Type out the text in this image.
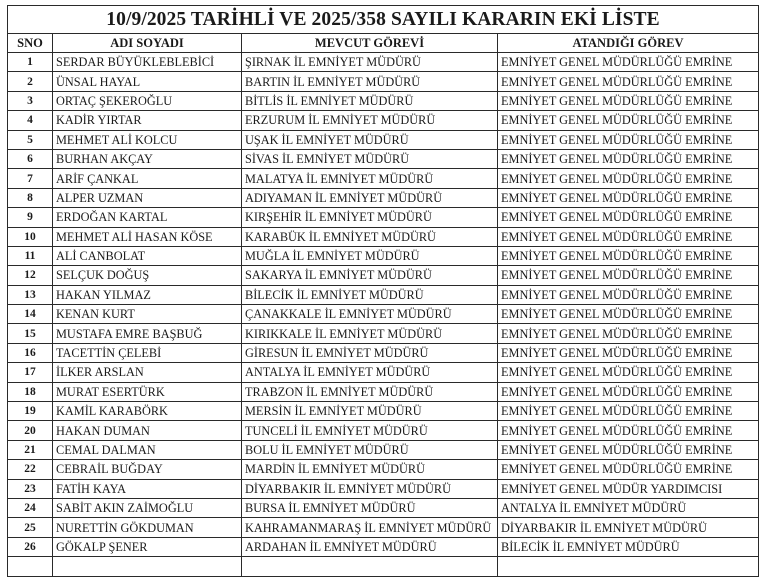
10/9/2025 TARİHLİ VE 2025/358 SAYILI KARARIN EKİ LİSTE			
SNO	ADI SOYADI	MEVCUT GÖREVİ	ATANDIĞI GÖREV
1	SERDAR BÜYÜKLEBLEBİCİ	ŞIRNAK İL EMNİYET MÜDÜRÜ	EMNİYET GENEL MÜDÜRLÜĞÜ EMRİNE
2	ÜNSAL HAYAL	BARTIN İL EMNİYET MÜDÜRÜ	EMNİYET GENEL MÜDÜRLÜĞÜ EMRİNE
3	ORTAÇ ŞEKEROĞLU	BİTLİS İL EMNİYET MÜDÜRÜ	EMNİYET GENEL MÜDÜRLÜĞÜ EMRİNE
4	KADİR YIRTAR	ERZURUM İL EMNİYET MÜDÜRÜ	EMNİYET GENEL MÜDÜRLÜĞÜ EMRİNE
5	MEHMET ALİ KOLCU	UŞAK İL EMNİYET MÜDÜRÜ	EMNİYET GENEL MÜDÜRLÜĞÜ EMRİNE
6	BURHAN AKÇAY	SİVAS İL EMNİYET MÜDÜRÜ	EMNİYET GENEL MÜDÜRLÜĞÜ EMRİNE
7	ARİF ÇANKAL	MALATYA İL EMNİYET MÜDÜRÜ	EMNİYET GENEL MÜDÜRLÜĞÜ EMRİNE
8	ALPER UZMAN	ADIYAMAN İL EMNİYET MÜDÜRÜ	EMNİYET GENEL MÜDÜRLÜĞÜ EMRİNE
9	ERDOĞAN KARTAL	KIRŞEHİR İL EMNİYET MÜDÜRÜ	EMNİYET GENEL MÜDÜRLÜĞÜ EMRİNE
10	MEHMET ALİ HASAN KÖSE	KARABÜK İL EMNİYET MÜDÜRÜ	EMNİYET GENEL MÜDÜRLÜĞÜ EMRİNE
11	ALİ CANBOLAT	MUĞLA İL EMNİYET MÜDÜRÜ	EMNİYET GENEL MÜDÜRLÜĞÜ EMRİNE
12	SELÇUK DOĞUŞ	SAKARYA İL EMNİYET MÜDÜRÜ	EMNİYET GENEL MÜDÜRLÜĞÜ EMRİNE
13	HAKAN YILMAZ	BİLECİK İL EMNİYET MÜDÜRÜ	EMNİYET GENEL MÜDÜRLÜĞÜ EMRİNE
14	KENAN KURT	ÇANAKKALE İL EMNİYET MÜDÜRÜ	EMNİYET GENEL MÜDÜRLÜĞÜ EMRİNE
15	MUSTAFA EMRE BAŞBUĞ	KIRIKKALE İL EMNİYET MÜDÜRÜ	EMNİYET GENEL MÜDÜRLÜĞÜ EMRİNE
16	TACETTİN ÇELEBİ	GİRESUN İL EMNİYET MÜDÜRÜ	EMNİYET GENEL MÜDÜRLÜĞÜ EMRİNE
17	İLKER ARSLAN	ANTALYA İL EMNİYET MÜDÜRÜ	EMNİYET GENEL MÜDÜRLÜĞÜ EMRİNE
18	MURAT ESERTÜRK	TRABZON İL EMNİYET MÜDÜRÜ	EMNİYET GENEL MÜDÜRLÜĞÜ EMRİNE
19	KAMİL KARABÖRK	MERSİN İL EMNİYET MÜDÜRÜ	EMNİYET GENEL MÜDÜRLÜĞÜ EMRİNE
20	HAKAN DUMAN	TUNCELİ İL EMNİYET MÜDÜRÜ	EMNİYET GENEL MÜDÜRLÜĞÜ EMRİNE
21	CEMAL DALMAN	BOLU İL EMNİYET MÜDÜRÜ	EMNİYET GENEL MÜDÜRLÜĞÜ EMRİNE
22	CEBRAİL BUĞDAY	MARDİN İL EMNİYET MÜDÜRÜ	EMNİYET GENEL MÜDÜRLÜĞÜ EMRİNE
23	FATİH KAYA	DİYARBAKIR İL EMNİYET MÜDÜRÜ	EMNİYET GENEL MÜDÜR YARDIMCISI
24	SABİT AKIN ZAİMOĞLU	BURSA İL EMNİYET MÜDÜRÜ	ANTALYA İL EMNİYET MÜDÜRÜ
25	NURETTİN GÖKDUMAN	KAHRAMANMARAŞ İL EMNİYET MÜDÜRÜ	DİYARBAKIR İL EMNİYET MÜDÜRÜ
26	GÖKALP ŞENER	ARDAHAN İL EMNİYET MÜDÜRÜ	BİLECİK İL EMNİYET MÜDÜRÜ
